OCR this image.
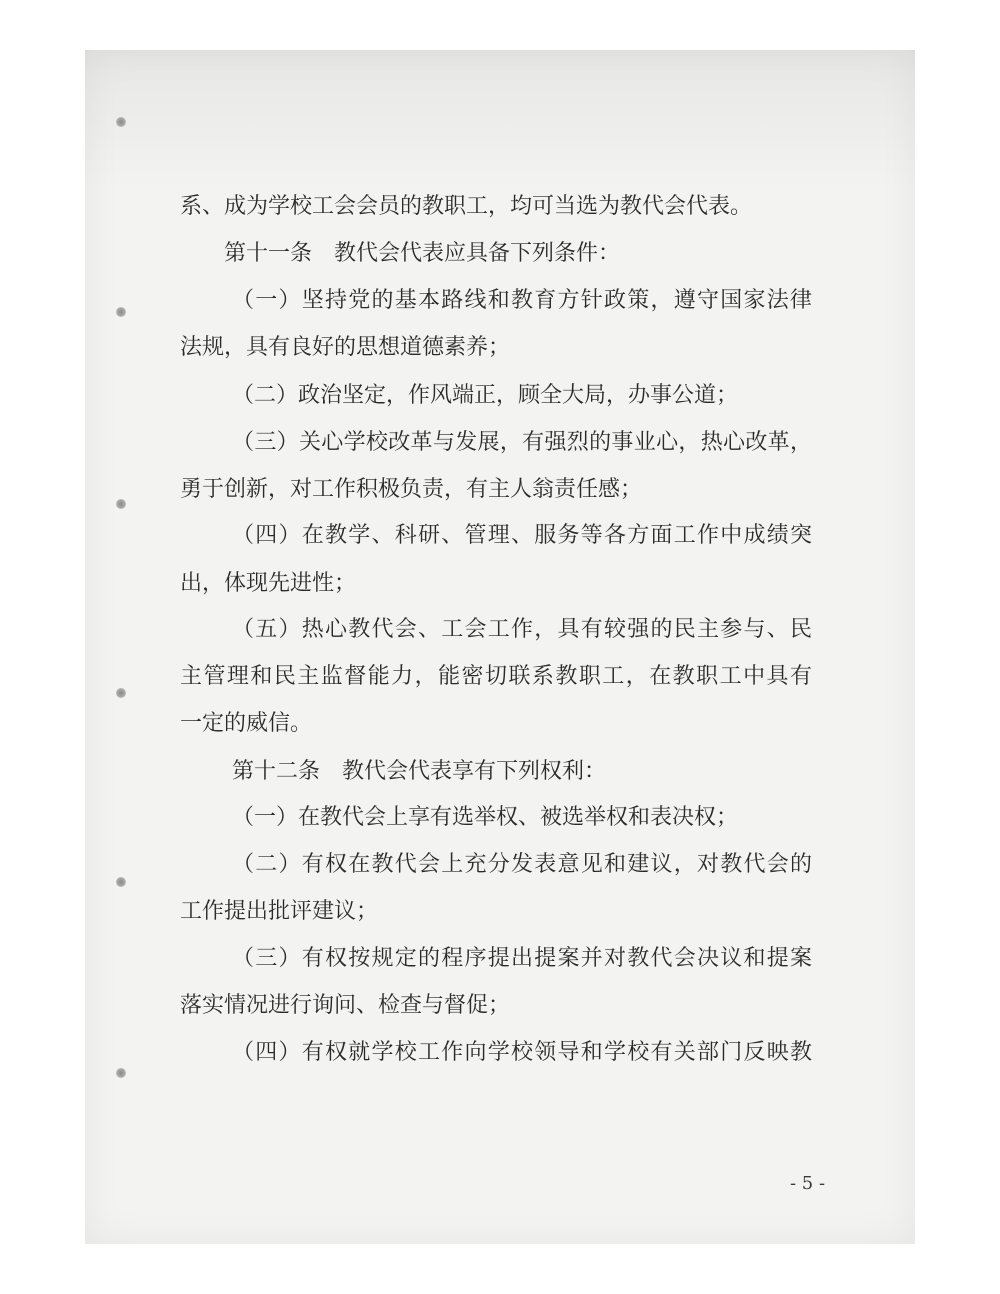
系、成为学校工会会员的教职工，均可当选为教代会代表。

第十一条　教代会代表应具备下列条件：

（一）坚持党的基本路线和教育方针政策，遵守国家法律

法规，具有良好的思想道德素养；

（二）政治坚定，作风端正，顾全大局，办事公道；

（三）关心学校改革与发展，有强烈的事业心，热心改革，

勇于创新，对工作积极负责，有主人翁责任感；

（四）在教学、科研、管理、服务等各方面工作中成绩突

出，体现先进性；

（五）热心教代会、工会工作，具有较强的民主参与、民

主管理和民主监督能力，能密切联系教职工，在教职工中具有

一定的威信。

第十二条　教代会代表享有下列权利：

（一）在教代会上享有选举权、被选举权和表决权；

（二）有权在教代会上充分发表意见和建议，对教代会的

工作提出批评建议；

（三）有权按规定的程序提出提案并对教代会决议和提案

落实情况进行询问、检查与督促；

（四）有权就学校工作向学校领导和学校有关部门反映教

- 5 -
